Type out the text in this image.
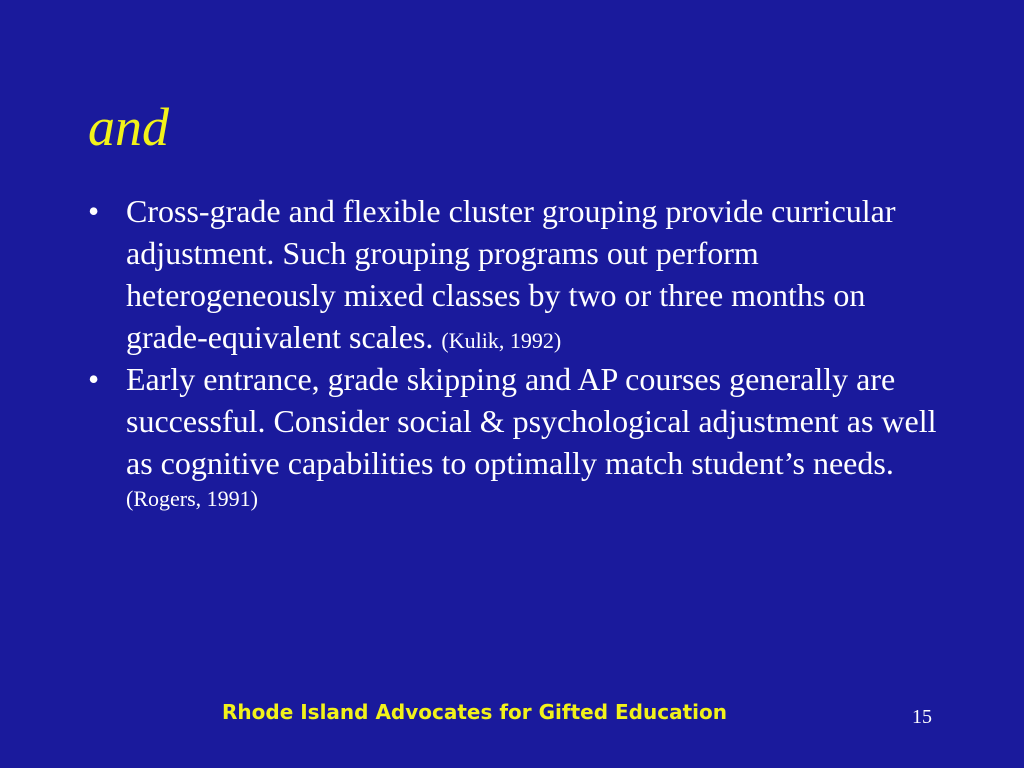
and
• Cross-grade and flexible cluster grouping provide curricular adjustment. Such grouping programs out perform heterogeneously mixed classes by two or three months on grade-equivalent scales. (Kulik, 1992)
• Early entrance, grade skipping and AP courses generally are successful. Consider social & psychological adjustment as well as cognitive capabilities to optimally match student’s needs. (Rogers, 1991)
Rhode Island Advocates for Gifted Education	15
